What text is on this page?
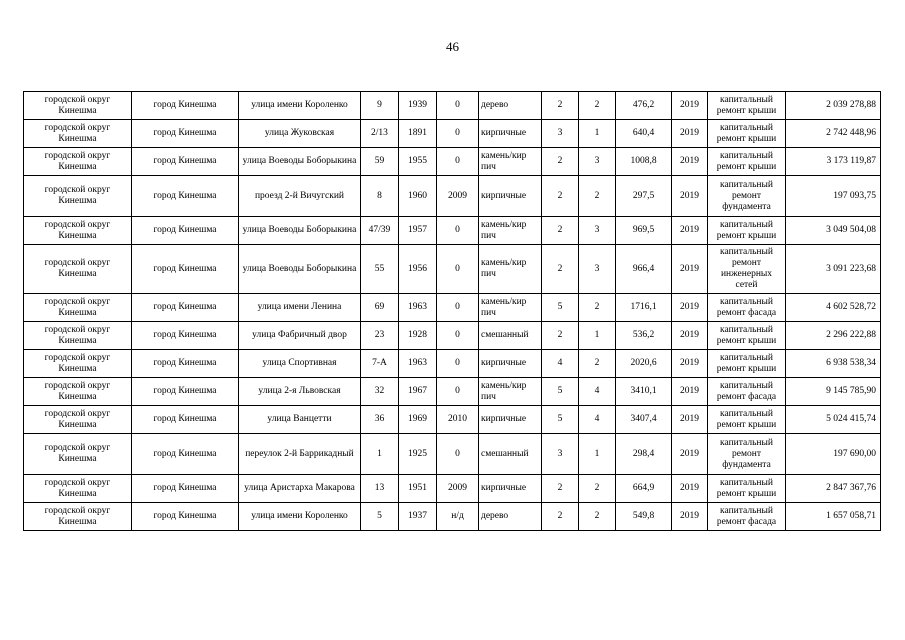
46
городской округ Кинешма	город Кинешма	улица имени Короленко	9	1939	0	дерево	2	2	476,2	2019	капитальный ремонт крыши	2 039 278,88
городской округ Кинешма	город Кинешма	улица Жуковская	2/13	1891	0	кирпичные	3	1	640,4	2019	капитальный ремонт крыши	2 742 448,96
городской округ Кинешма	город Кинешма	улица Воеводы Боборыкина	59	1955	0	камень/кир пич	2	3	1008,8	2019	капитальный ремонт крыши	3 173 119,87
городской округ Кинешма	город Кинешма	проезд 2-й Вичугский	8	1960	2009	кирпичные	2	2	297,5	2019	капитальный ремонт фундамента	197 093,75
городской округ Кинешма	город Кинешма	улица Воеводы Боборыкина	47/39	1957	0	камень/кир пич	2	3	969,5	2019	капитальный ремонт крыши	3 049 504,08
городской округ Кинешма	город Кинешма	улица Воеводы Боборыкина	55	1956	0	камень/кир пич	2	3	966,4	2019	капитальный ремонт инженерных сетей	3 091 223,68
городской округ Кинешма	город Кинешма	улица имени Ленина	69	1963	0	камень/кир пич	5	2	1716,1	2019	капитальный ремонт фасада	4 602 528,72
городской округ Кинешма	город Кинешма	улица Фабричный двор	23	1928	0	смешанный	2	1	536,2	2019	капитальный ремонт крыши	2 296 222,88
городской округ Кинешма	город Кинешма	улица Спортивная	7-А	1963	0	кирпичные	4	2	2020,6	2019	капитальный ремонт крыши	6 938 538,34
городской округ Кинешма	город Кинешма	улица 2-я Львовская	32	1967	0	камень/кир пич	5	4	3410,1	2019	капитальный ремонт фасада	9 145 785,90
городской округ Кинешма	город Кинешма	улица Ванцетти	36	1969	2010	кирпичные	5	4	3407,4	2019	капитальный ремонт крыши	5 024 415,74
городской округ Кинешма	город Кинешма	переулок 2-й Баррикадный	1	1925	0	смешанный	3	1	298,4	2019	капитальный ремонт фундамента	197 690,00
городской округ Кинешма	город Кинешма	улица Аристарха Макарова	13	1951	2009	кирпичные	2	2	664,9	2019	капитальный ремонт крыши	2 847 367,76
городской округ Кинешма	город Кинешма	улица имени Короленко	5	1937	н/д	дерево	2	2	549,8	2019	капитальный ремонт фасада	1 657 058,71
